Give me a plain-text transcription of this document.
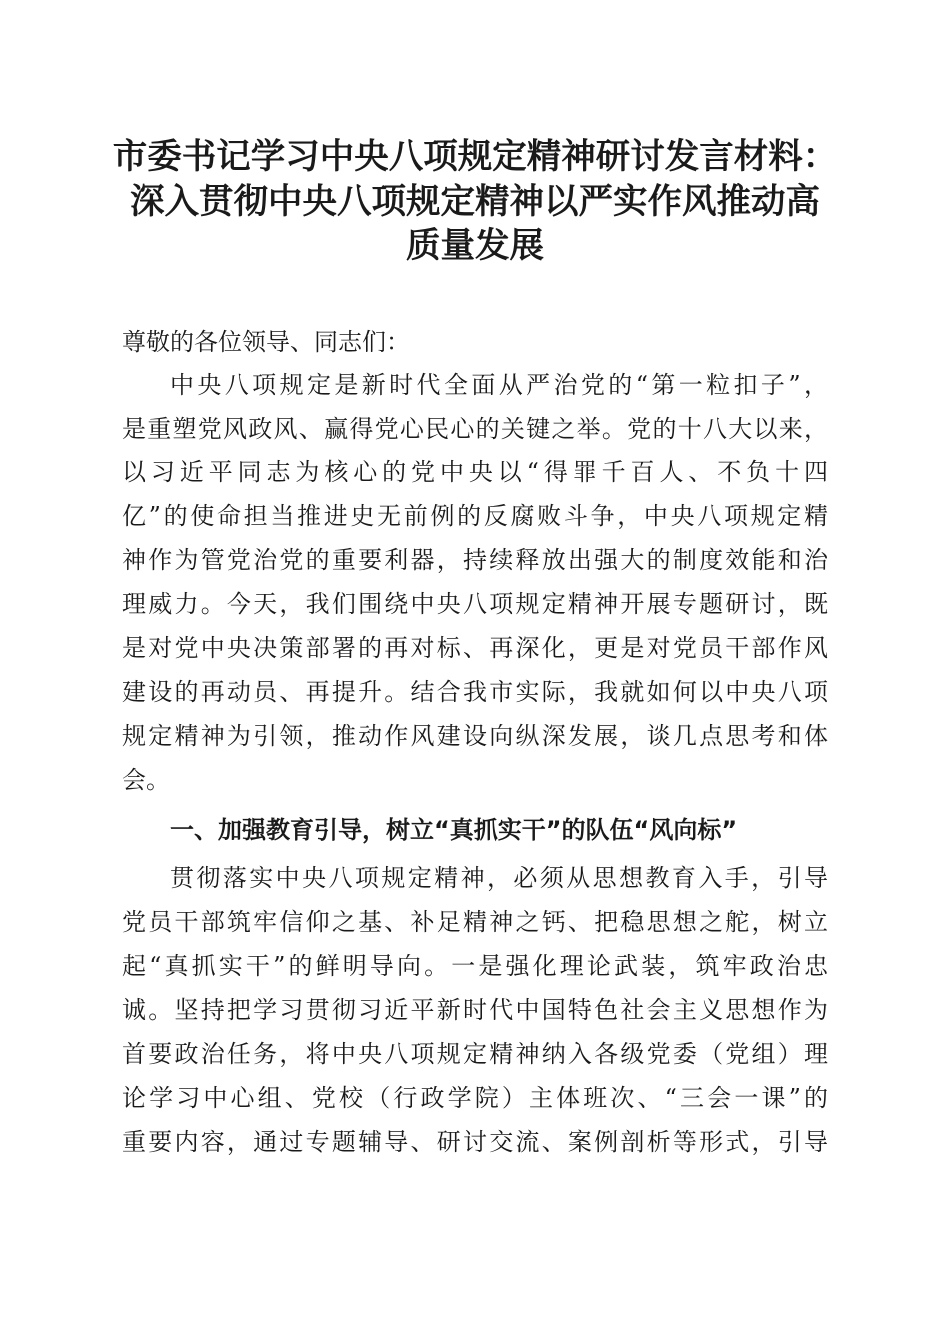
市委书记学习中央八项规定精神研讨发言材料：
深入贯彻中央八项规定精神以严实作风推动高
质量发展
尊敬的各位领导、同志们：
中央八项规定是新时代全面从严治党的“第一粒扣子”，
是重塑党风政风、赢得党心民心的关键之举。党的十八大以来，
以习近平同志为核心的党中央以“得罪千百人、不负十四
亿”的使命担当推进史无前例的反腐败斗争，中央八项规定精
神作为管党治党的重要利器，持续释放出强大的制度效能和治
理威力。今天，我们围绕中央八项规定精神开展专题研讨，既
是对党中央决策部署的再对标、再深化，更是对党员干部作风
建设的再动员、再提升。结合我市实际，我就如何以中央八项
规定精神为引领，推动作风建设向纵深发展，谈几点思考和体
会。
一、加强教育引导，树立“真抓实干”的队伍“风向标”
贯彻落实中央八项规定精神，必须从思想教育入手，引导
党员干部筑牢信仰之基、补足精神之钙、把稳思想之舵，树立
起“真抓实干”的鲜明导向。一是强化理论武装，筑牢政治忠
诚。坚持把学习贯彻习近平新时代中国特色社会主义思想作为
首要政治任务，将中央八项规定精神纳入各级党委（党组）理
论学习中心组、党校（行政学院）主体班次、“三会一课”的
重要内容，通过专题辅导、研讨交流、案例剖析等形式，引导
